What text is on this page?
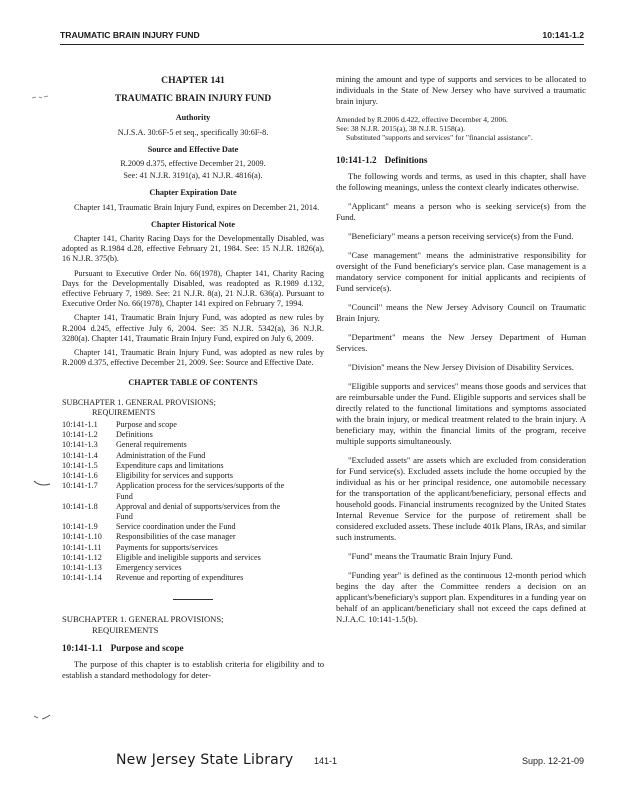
TRAUMATIC BRAIN INJURY FUND	10:141-1.2
CHAPTER 141
TRAUMATIC BRAIN INJURY FUND
Authority
N.J.S.A. 30:6F-5 et seq., specifically 30:6F-8.
Source and Effective Date
R.2009 d.375, effective December 21, 2009.
See: 41 N.J.R. 3191(a), 41 N.J.R. 4816(a).
Chapter Expiration Date

Chapter 141, Traumatic Brain Injury Fund, expires on December 21, 2014.

Chapter Historical Note

Chapter 141, Charity Racing Days for the Developmentally Disabled, was adopted as R.1984 d.28, effective February 21, 1984. See: 15 N.J.R. 1826(a), 16 N.J.R. 375(b).

Pursuant to Executive Order No. 66(1978), Chapter 141, Charity Racing Days for the Developmentally Disabled, was readopted as R.1989 d.132, effective February 7, 1989. See: 21 N.J.R. 8(a), 21 N.J.R. 636(a). Pursuant to Executive Order No. 66(1978), Chapter 141 expired on February 7, 1994.

Chapter 141, Traumatic Brain Injury Fund, was adopted as new rules by R.2004 d.245, effective July 6, 2004. See: 35 N.J.R. 5342(a), 36 N.J.R. 3280(a). Chapter 141, Traumatic Brain Injury Fund, expired on July 6, 2009.

Chapter 141, Traumatic Brain Injury Fund, was adopted as new rules by R.2009 d.375, effective December 21, 2009. See: Source and Effective Date.

CHAPTER TABLE OF CONTENTS
SUBCHAPTER 1. GENERAL PROVISIONS;
REQUIREMENTS
10:141-1.1	Purpose and scope
10:141-1.2	Definitions
10:141-1.3	General requirements
10:141-1.4	Administration of the Fund
10:141-1.5	Expenditure caps and limitations
10:141-1.6	Eligibility for services and supports
10:141-1.7	Application process for the services/supports of the
Fund
10:141-1.8	Approval and denial of supports/services from the
Fund
10:141-1.9	Service coordination under the Fund
10:141-1.10	Responsibilities of the case manager
10:141-1.11	Payments for supports/services
10:141-1.12	Eligible and ineligible supports and services
10:141-1.13	Emergency services
10:141-1.14	Revenue and reporting of expenditures
SUBCHAPTER 1. GENERAL PROVISIONS;
REQUIREMENTS
10:141-1.1 Purpose and scope

The purpose of this chapter is to establish criteria for eligibility and to establish a standard methodology for deter-

mining the amount and type of supports and services to be allocated to individuals in the State of New Jersey who have survived a traumatic brain injury.

Amended by R.2006 d.422, effective December 4, 2006.
See: 38 N.J.R. 2015(a), 38 N.J.R. 5158(a).
Substituted "supports and services" for "financial assistance".
10:141-1.2 Definitions

The following words and terms, as used in this chapter, shall have the following meanings, unless the context clearly indicates otherwise.

"Applicant" means a person who is seeking service(s) from the Fund.

"Beneficiary" means a person receiving service(s) from the Fund.

"Case management" means the administrative responsibility for oversight of the Fund beneficiary's service plan. Case management is a mandatory service component for initial applicants and recipients of Fund service(s).

"Council" means the New Jersey Advisory Council on Traumatic Brain Injury.

"Department" means the New Jersey Department of Human Services.

"Division" means the New Jersey Division of Disability Services.

"Eligible supports and services" means those goods and services that are reimbursable under the Fund. Eligible supports and services shall be directly related to the functional limitations and symptoms associated with the brain injury, or medical treatment related to the brain injury. A beneficiary may, within the financial limits of the program, receive multiple supports simultaneously.

"Excluded assets" are assets which are excluded from consideration for Fund service(s). Excluded assets include the home occupied by the individual as his or her principal residence, one automobile necessary for the transportation of the applicant/beneficiary, personal effects and household goods. Financial instruments recognized by the United States Internal Revenue Service for the purpose of retirement shall be considered excluded assets. These include 401k Plans, IRAs, and similar such instruments.

"Fund" means the Traumatic Brain Injury Fund.

"Funding year" is defined as the continuous 12-month period which begins the day after the Committee renders a decision on an applicant's/beneficiary's support plan. Expenditures in a funding year on behalf of an applicant/beneficiary shall not exceed the caps defined at N.J.A.C. 10:141-1.5(b).

New Jersey State Library 141-1	Supp. 12-21-09
